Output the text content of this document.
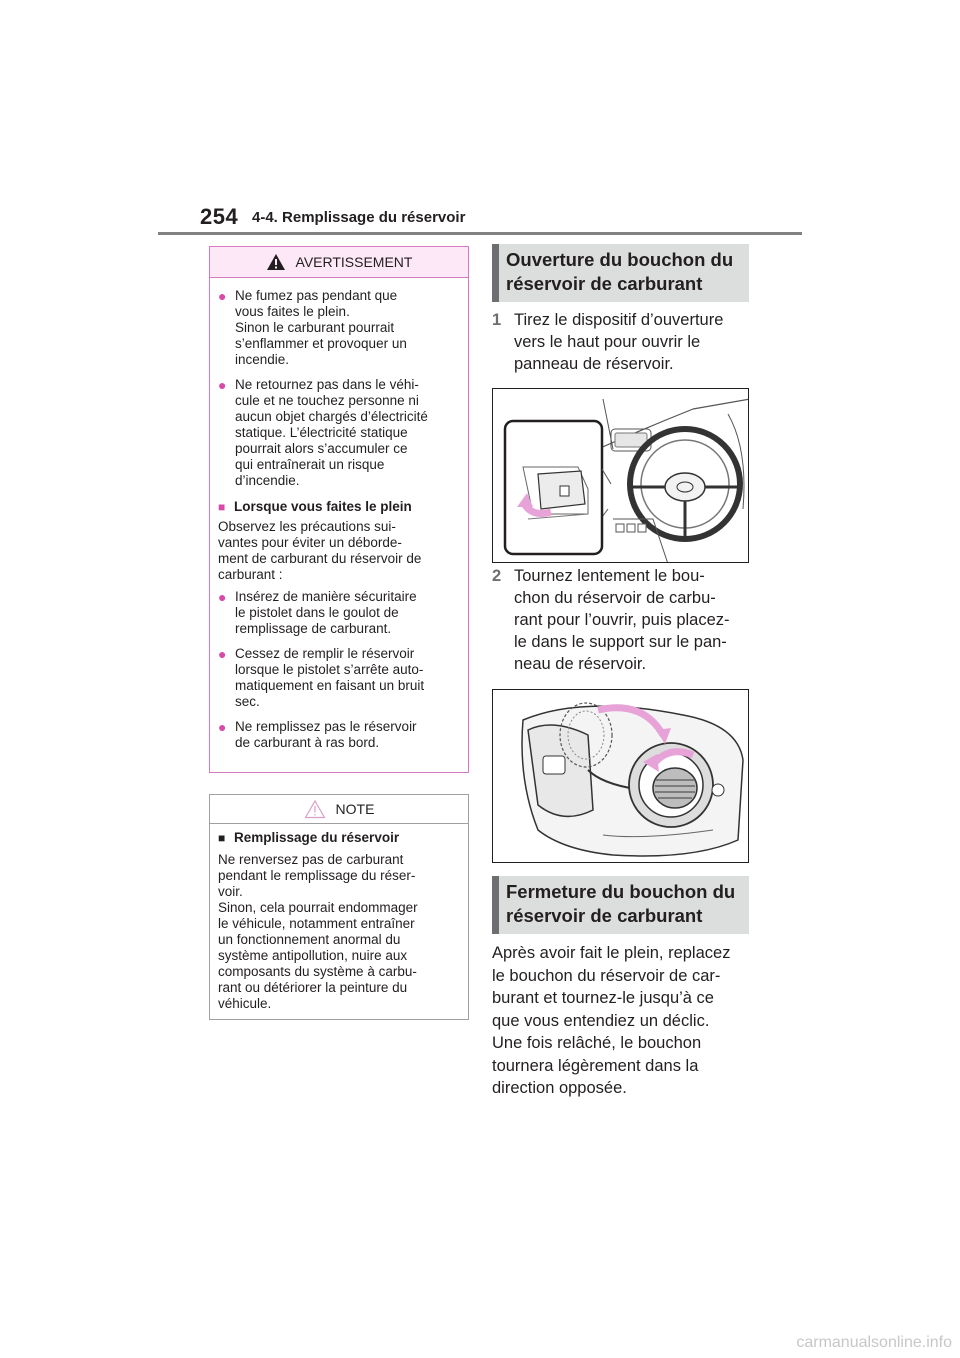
254 4-4. Remplissage du réservoir
AVERTISSEMENT
● Ne fumez pas pendant que
vous faites le plein.
Sinon le carburant pourrait
s’enflammer et provoquer un
incendie.
● Ne retournez pas dans le véhi-
cule et ne touchez personne ni
aucun objet chargés d’électricité
statique. L’électricité statique
pourrait alors s’accumuler ce
qui entraînerait un risque
d’incendie.
■ Lorsque vous faites le plein
Observez les précautions sui-
vantes pour éviter un déborde-
ment de carburant du réservoir de
carburant :
● Insérez de manière sécuritaire
le pistolet dans le goulot de
remplissage de carburant.
● Cessez de remplir le réservoir
lorsque le pistolet s’arrête auto-
matiquement en faisant un bruit
sec.
● Ne remplissez pas le réservoir
de carburant à ras bord.
NOTE
■ Remplissage du réservoir
Ne renversez pas de carburant
pendant le remplissage du réser-
voir.
Sinon, cela pourrait endommager
le véhicule, notamment entraîner
un fonctionnement anormal du
système antipollution, nuire aux
composants du système à carbu-
rant ou détériorer la peinture du
véhicule.
Ouverture du bouchon du
réservoir de carburant
1 Tirez le dispositif d’ouverture
vers le haut pour ouvrir le
panneau de réservoir.
2 Tournez lentement le bou-
chon du réservoir de carbu-
rant pour l’ouvrir, puis placez-
le dans le support sur le pan-
neau de réservoir.
Fermeture du bouchon du
réservoir de carburant
Après avoir fait le plein, replacez
le bouchon du réservoir de car-
burant et tournez-le jusqu’à ce
que vous entendiez un déclic.
Une fois relâché, le bouchon
tournera légèrement dans la
direction opposée.
carmanualsonline.info
